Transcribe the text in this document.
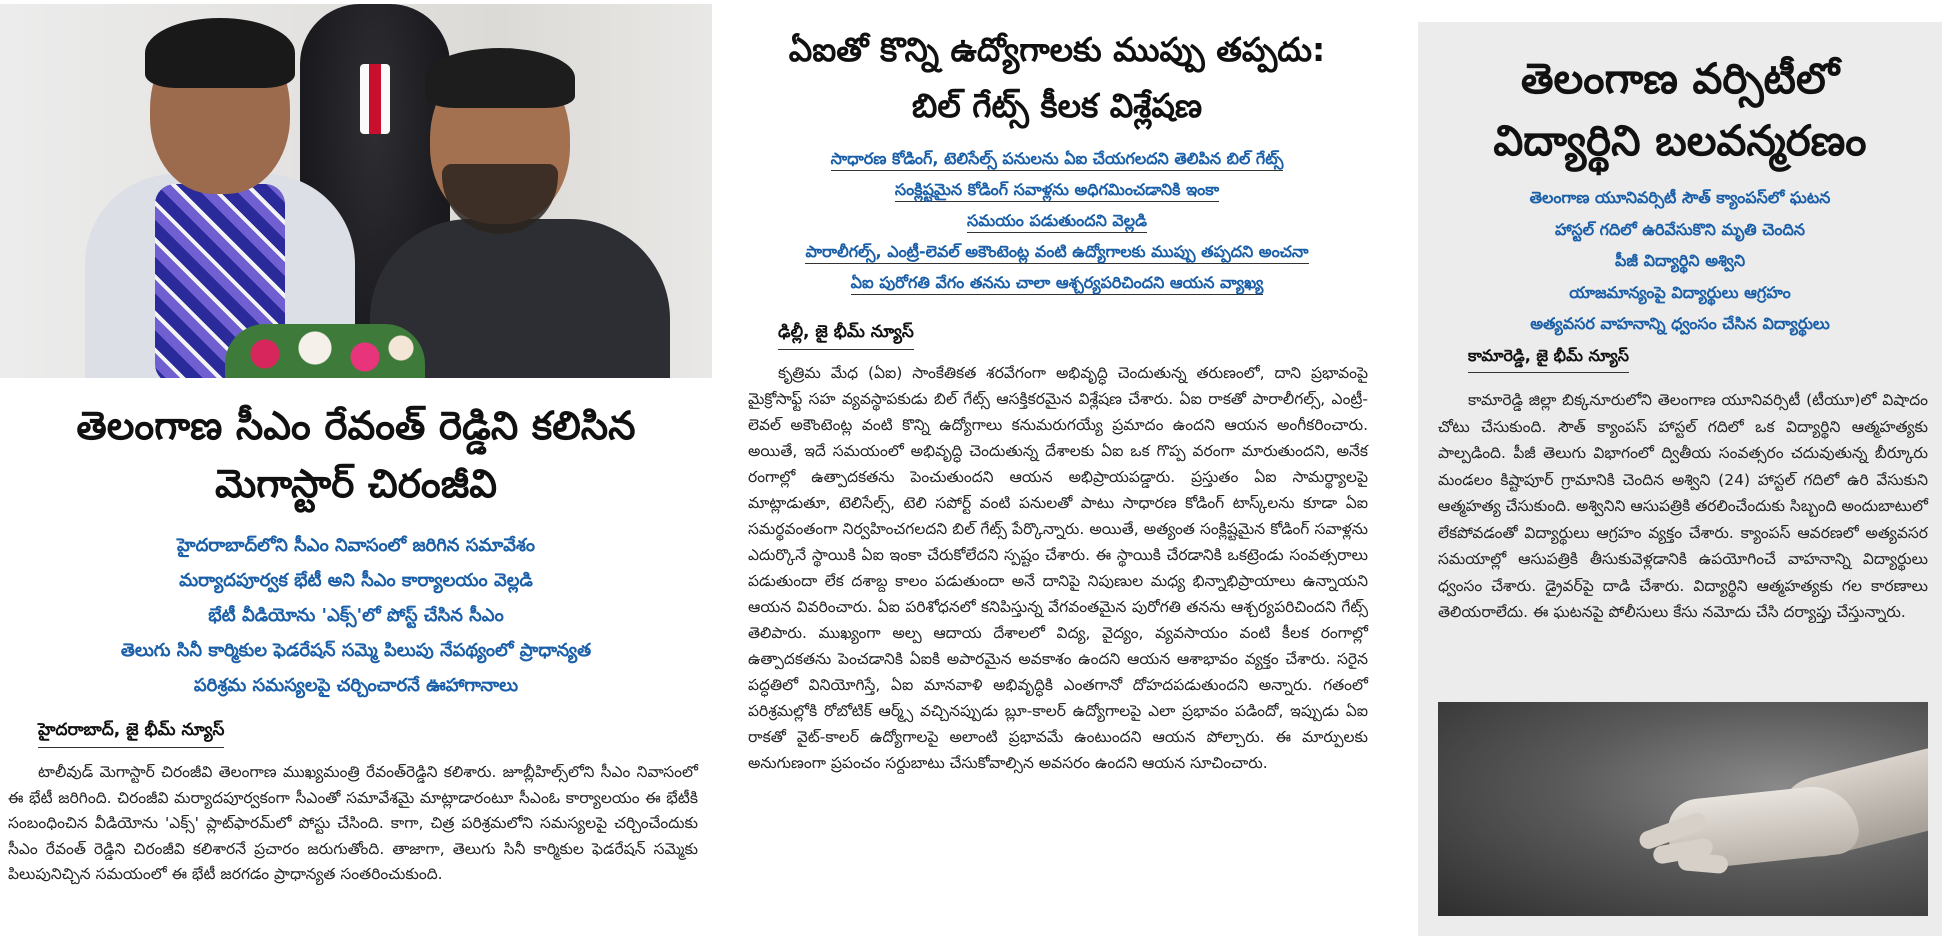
తెలంగాణ సీఎం రేవంత్ రెడ్డిని కలిసిన
మెగాస్టార్ చిరంజీవి
హైదరాబాద్‌లోని సీఎం నివాసంలో జరిగిన సమావేశం
మర్యాదపూర్వక భేటీ అని సీఎం కార్యాలయం వెల్లడి
భేటీ వీడియోను 'ఎక్స్'లో పోస్ట్ చేసిన సీఎం
తెలుగు సినీ కార్మికుల ఫెడరేషన్ సమ్మె పిలుపు నేపథ్యంలో ప్రాధాన్యత
పరిశ్రమ సమస్యలపై చర్చించారనే ఊహాగానాలు
హైదరాబాద్, జై భీమ్ న్యూస్
టాలీవుడ్ మెగాస్టార్ చిరంజీవి తెలంగాణ ముఖ్యమంత్రి రేవంత్‌రెడ్డిని కలిశారు. జూబ్లీహిల్స్‌లోని సీఎం నివాసంలో ఈ భేటీ జరిగింది. చిరంజీవి మర్యాదపూర్వకంగా సీఎంతో సమావేశమై మాట్లాడారంటూ సీఎంఓ కార్యాలయం ఈ భేటీకి సంబంధించిన వీడియోను 'ఎక్స్' ప్లాట్‌ఫారమ్‌లో పోస్టు చేసింది. కాగా, చిత్ర పరిశ్రమలోని సమస్యలపై చర్చించేందుకు సీఎం రేవంత్ రెడ్డిని చిరంజీవి కలిశారనే ప్రచారం జరుగుతోంది. తాజాగా, తెలుగు సినీ కార్మికుల ఫెడరేషన్ సమ్మెకు పిలుపునిచ్చిన సమయంలో ఈ భేటీ జరగడం ప్రాధాన్యత సంతరించుకుంది.
ఏఐతో కొన్ని ఉద్యోగాలకు ముప్పు తప్పదు:
బిల్ గేట్స్ కీలక విశ్లేషణ
సాధారణ కోడింగ్, టెలిసేల్స్ పనులను ఏఐ చేయగలదని తెలిపిన బిల్ గేట్స్
సంక్లిష్టమైన కోడింగ్ సవాళ్లను అధిగమించడానికి ఇంకా
సమయం పడుతుందని వెల్లడి
పారాలీగల్స్, ఎంట్రీ-లెవల్ అకౌంటెంట్ల వంటి ఉద్యోగాలకు ముప్పు తప్పదని అంచనా
ఏఐ పురోగతి వేగం తనను చాలా ఆశ్చర్యపరిచిందని ఆయన వ్యాఖ్య
ఢిల్లీ, జై భీమ్ న్యూస్
కృత్రిమ మేధ (ఏఐ) సాంకేతికత శరవేగంగా అభివృద్ధి చెందుతున్న తరుణంలో, దాని ప్రభావంపై మైక్రోసాఫ్ట్ సహ వ్యవస్థాపకుడు బిల్ గేట్స్ ఆసక్తికరమైన విశ్లేషణ చేశారు. ఏఐ రాకతో పారాలీగల్స్, ఎంట్రీ-లెవల్ అకౌంటెంట్ల వంటి కొన్ని ఉద్యోగాలు కనుమరుగయ్యే ప్రమాదం ఉందని ఆయన అంగీకరించారు. అయితే, ఇదే సమయంలో అభివృద్ధి చెందుతున్న దేశాలకు ఏఐ ఒక గొప్ప వరంగా మారుతుందని, అనేక రంగాల్లో ఉత్పాదకతను పెంచుతుందని ఆయన అభిప్రాయపడ్డారు. ప్రస్తుతం ఏఐ సామర్థ్యాలపై మాట్లాడుతూ, టెలిసేల్స్, టెలి సపోర్ట్ వంటి పనులతో పాటు సాధారణ కోడింగ్ టాస్క్‌లను కూడా ఏఐ సమర్థవంతంగా నిర్వహించగలదని బిల్ గేట్స్ పేర్కొన్నారు. అయితే, అత్యంత సంక్లిష్టమైన కోడింగ్ సవాళ్లను ఎదుర్కొనే స్థాయికి ఏఐ ఇంకా చేరుకోలేదని స్పష్టం చేశారు. ఈ స్థాయికి చేరడానికి ఒకట్రెండు సంవత్సరాలు పడుతుందా లేక దశాబ్ద కాలం పడుతుందా అనే దానిపై నిపుణుల మధ్య భిన్నాభిప్రాయాలు ఉన్నాయని ఆయన వివరించారు. ఏఐ పరిశోధనలో కనిపిస్తున్న వేగవంతమైన పురోగతి తనను ఆశ్చర్యపరిచిందని గేట్స్ తెలిపారు. ముఖ్యంగా అల్ప ఆదాయ దేశాలలో విద్య, వైద్యం, వ్యవసాయం వంటి కీలక రంగాల్లో ఉత్పాదకతను పెంచడానికి ఏఐకి అపారమైన అవకాశం ఉందని ఆయన ఆశాభావం వ్యక్తం చేశారు. సరైన పద్ధతిలో వినియోగిస్తే, ఏఐ మానవాళి అభివృద్ధికి ఎంతగానో దోహదపడుతుందని అన్నారు. గతంలో పరిశ్రమల్లోకి రోబోటిక్ ఆర్మ్స్ వచ్చినప్పుడు బ్లూ-కాలర్ ఉద్యోగాలపై ఎలా ప్రభావం పడిందో, ఇప్పుడు ఏఐ రాకతో వైట్-కాలర్ ఉద్యోగాలపై అలాంటి ప్రభావమే ఉంటుందని ఆయన పోల్చారు. ఈ మార్పులకు అనుగుణంగా ప్రపంచం సర్దుబాటు చేసుకోవాల్సిన అవసరం ఉందని ఆయన సూచించారు.
తెలంగాణ వర్సిటీలో
విద్యార్థిని బలవన్మరణం
తెలంగాణ యూనివర్సిటీ సౌత్ క్యాంపస్‌లో ఘటన
హాస్టల్ గదిలో ఉరివేసుకొని మృతి చెందిన
పీజీ విద్యార్థిని అశ్విని
యాజమాన్యంపై విద్యార్థులు ఆగ్రహం
అత్యవసర వాహనాన్ని ధ్వంసం చేసిన విద్యార్థులు
కామారెడ్డి, జై భీమ్ న్యూస్
కామారెడ్డి జిల్లా బిక్కనూరులోని తెలంగాణ యూనివర్సిటీ (టీయూ)లో విషాదం చోటు చేసుకుంది. సౌత్ క్యాంపస్ హాస్టల్ గదిలో ఒక విద్యార్థిని ఆత్మహత్యకు పాల్పడింది. పీజీ తెలుగు విభాగంలో ద్వితీయ సంవత్సరం చదువుతున్న బీర్కూరు మండలం కిష్టాపూర్ గ్రామానికి చెందిన అశ్విని (24) హాస్టల్ గదిలో ఉరి వేసుకుని ఆత్మహత్య చేసుకుంది. అశ్వినిని ఆసుపత్రికి తరలించేందుకు సిబ్బంది అందుబాటులో లేకపోవడంతో విద్యార్థులు ఆగ్రహం వ్యక్తం చేశారు. క్యాంపస్ ఆవరణలో అత్యవసర సమయాల్లో ఆసుపత్రికి తీసుకువెళ్లడానికి ఉపయోగించే వాహనాన్ని విద్యార్థులు ధ్వంసం చేశారు. డ్రైవర్‌పై దాడి చేశారు. విద్యార్థిని ఆత్మహత్యకు గల కారణాలు తెలియరాలేదు. ఈ ఘటనపై పోలీసులు కేసు నమోదు చేసి దర్యాప్తు చేస్తున్నారు.
